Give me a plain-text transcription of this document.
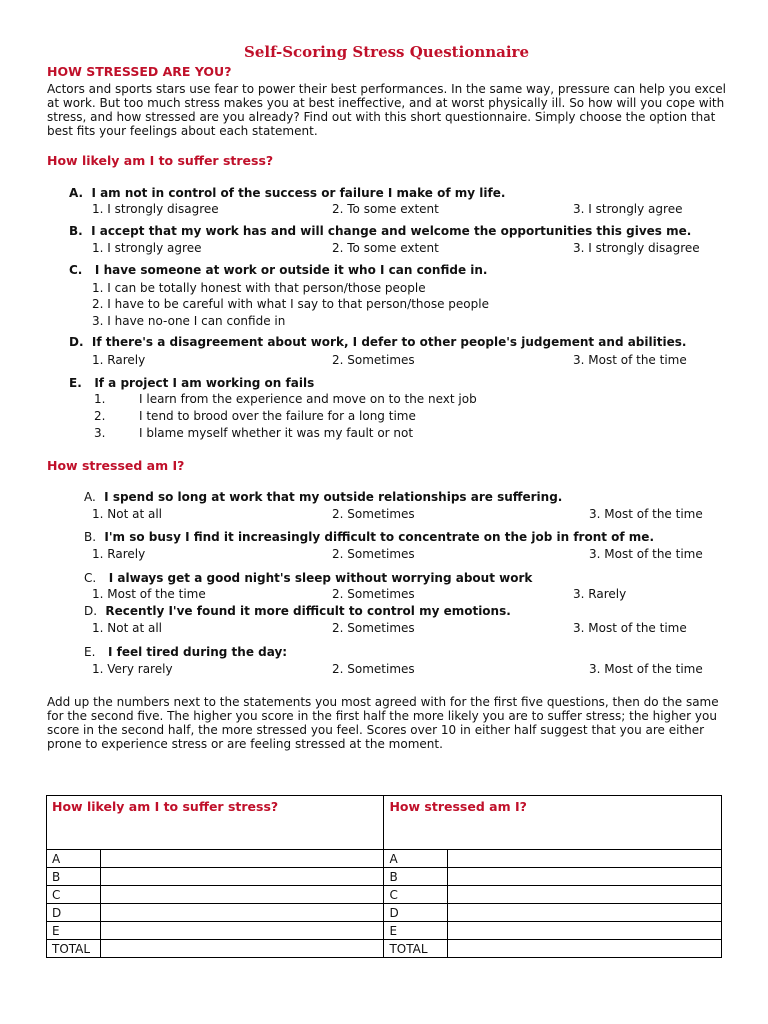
Self-Scoring Stress Questionnaire
HOW STRESSED ARE YOU?
Actors and sports stars use fear to power their best performances. In the same way, pressure can help you excel at work. But too much stress makes you at best ineffective, and at worst physically ill. So how will you cope with stress, and how stressed are you already? Find out with this short questionnaire. Simply choose the option that best fits your feelings about each statement.
How likely am I to suffer stress?
A. I am not in control of the success or failure I make of my life.
1. I strongly disagree	2. To some extent	3. I strongly agree
B. I accept that my work has and will change and welcome the opportunities this gives me.
1. I strongly agree	2. To some extent	3. I strongly disagree
C. I have someone at work or outside it who I can confide in.
1. I can be totally honest with that person/those people
2. I have to be careful with what I say to that person/those people
3. I have no-one I can confide in
D. If there's a disagreement about work, I defer to other people's judgement and abilities.
1. Rarely	2. Sometimes	3. Most of the time
E. If a project I am working on fails
1.	I learn from the experience and move on to the next job
2.	I tend to brood over the failure for a long time
3.	I blame myself whether it was my fault or not
How stressed am I?
A. I spend so long at work that my outside relationships are suffering.
1. Not at all	2. Sometimes	3. Most of the time
B. I'm so busy I find it increasingly difficult to concentrate on the job in front of me.
1. Rarely	2. Sometimes	3. Most of the time
C. I always get a good night's sleep without worrying about work
1. Most of the time	2. Sometimes	3. Rarely
D. Recently I've found it more difficult to control my emotions.
1. Not at all	2. Sometimes	3. Most of the time
E. I feel tired during the day:
1. Very rarely	2. Sometimes	3. Most of the time
Add up the numbers next to the statements you most agreed with for the first five questions, then do the same for the second five. The higher you score in the first half the more likely you are to suffer stress; the higher you score in the second half, the more stressed you feel. Scores over 10 in either half suggest that you are either prone to experience stress or are feeling stressed at the moment.
How likely am I to suffer stress?		How stressed am I?	
A		A	
B		B	
C		C	
D		D	
E		E	
TOTAL		TOTAL	
